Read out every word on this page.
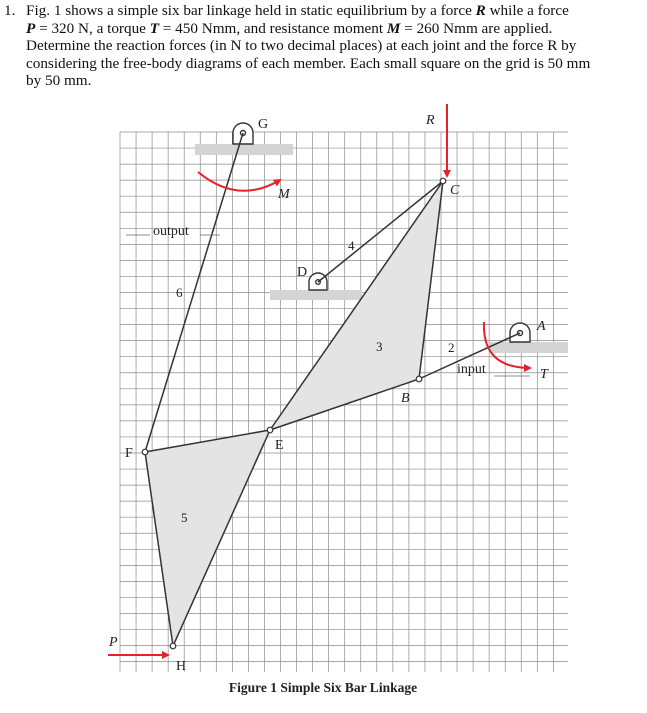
1. Fig. 1 shows a simple six bar linkage held in static equilibrium by a force R while a force
P = 320 N, a torque T = 450 Nmm, and resistance moment M = 260 Nmm are applied.
Determine the reaction forces (in N to two decimal places) at each joint and the force R by
considering the free-body diagrams of each member. Each small square on the grid is 50 mm
by 50 mm.
G	R
M	C
output
4
D
6
A
3	2
input	T
B
E
F
5
P
H
Figure 1 Simple Six Bar Linkage
